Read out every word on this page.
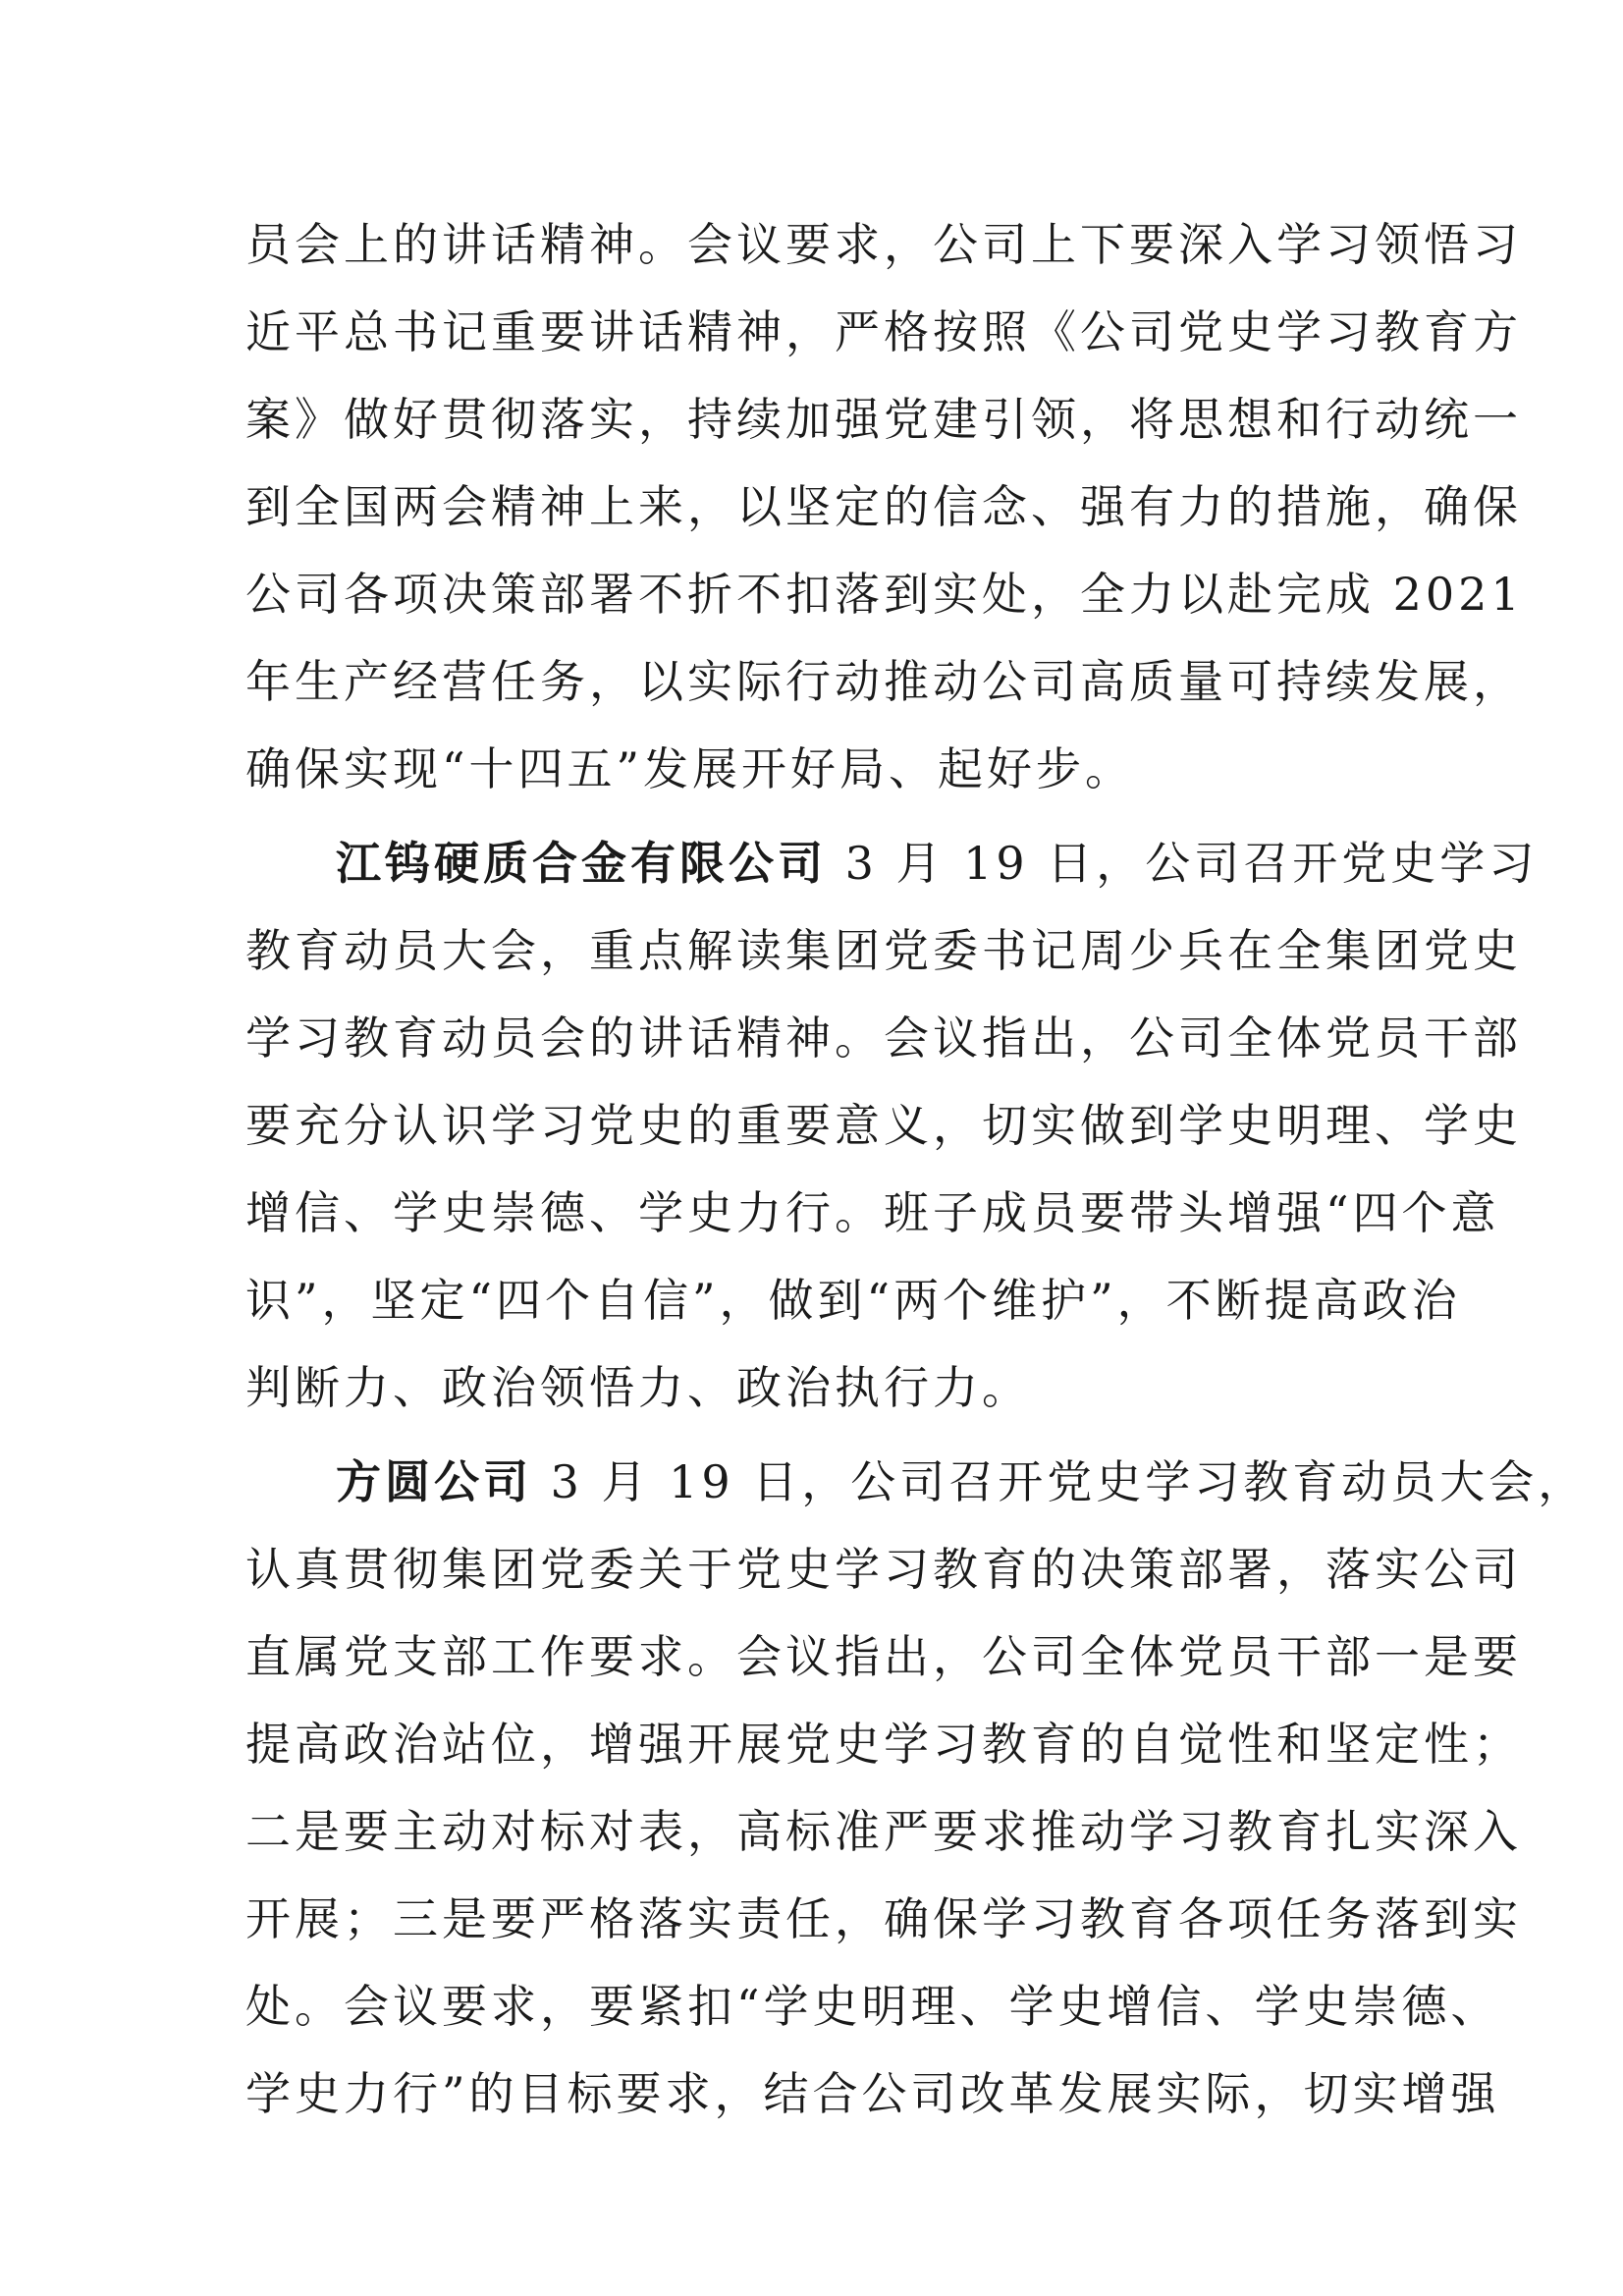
员会上的讲话精神。会议要求，公司上下要深入学习领悟习
近平总书记重要讲话精神，严格按照《公司党史学习教育方
案》做好贯彻落实，持续加强党建引领，将思想和行动统一
到全国两会精神上来，以坚定的信念、强有力的措施，确保
公司各项决策部署不折不扣落到实处，全力以赴完成 2021
年生产经营任务，以实际行动推动公司高质量可持续发展，
确保实现“十四五”发展开好局、起好步。
江钨硬质合金有限公司 3 月 19 日，公司召开党史学习
教育动员大会，重点解读集团党委书记周少兵在全集团党史
学习教育动员会的讲话精神。会议指出，公司全体党员干部
要充分认识学习党史的重要意义，切实做到学史明理、学史
增信、学史崇德、学史力行。班子成员要带头增强“四个意
识”，坚定“四个自信”，做到“两个维护”，不断提高政治
判断力、政治领悟力、政治执行力。
方圆公司 3 月 19 日，公司召开党史学习教育动员大会，
认真贯彻集团党委关于党史学习教育的决策部署，落实公司
直属党支部工作要求。会议指出，公司全体党员干部一是要
提高政治站位，增强开展党史学习教育的自觉性和坚定性；
二是要主动对标对表，高标准严要求推动学习教育扎实深入
开展；三是要严格落实责任，确保学习教育各项任务落到实
处。会议要求，要紧扣“学史明理、学史增信、学史崇德、
学史力行”的目标要求，结合公司改革发展实际，切实增强
